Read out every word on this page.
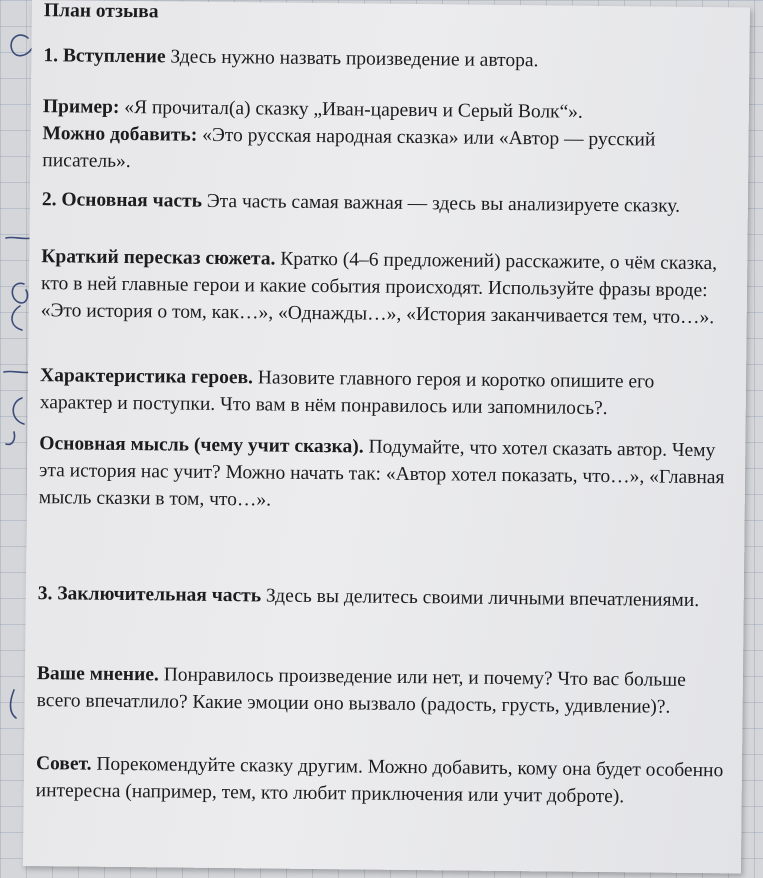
План отзыва
1. Вступление Здесь нужно назвать произведение и автора.
Пример: «Я прочитал(а) сказку „Иван-царевич и Серый Волк“».
Можно добавить: «Это русская народная сказка» или «Автор — русский писатель».
2. Основная часть Эта часть самая важная — здесь вы анализируете сказку.
Краткий пересказ сюжета. Кратко (4–6 предложений) расскажите, о чём сказка, кто в ней главные герои и какие события происходят. Используйте фразы вроде: «Это история о том, как…», «Однажды…», «История заканчивается тем, что…».
Характеристика героев. Назовите главного героя и коротко опишите его характер и поступки. Что вам в нём понравилось или запомнилось?.
Основная мысль (чему учит сказка). Подумайте, что хотел сказать автор. Чему эта история нас учит? Можно начать так: «Автор хотел показать, что…», «Главная мысль сказки в том, что…».
3. Заключительная часть Здесь вы делитесь своими личными впечатлениями.
Ваше мнение. Понравилось произведение или нет, и почему? Что вас больше всего впечатлило? Какие эмоции оно вызвало (радость, грусть, удивление)?.
Совет. Порекомендуйте сказку другим. Можно добавить, кому она будет особенно интересна (например, тем, кто любит приключения или учит доброте).
